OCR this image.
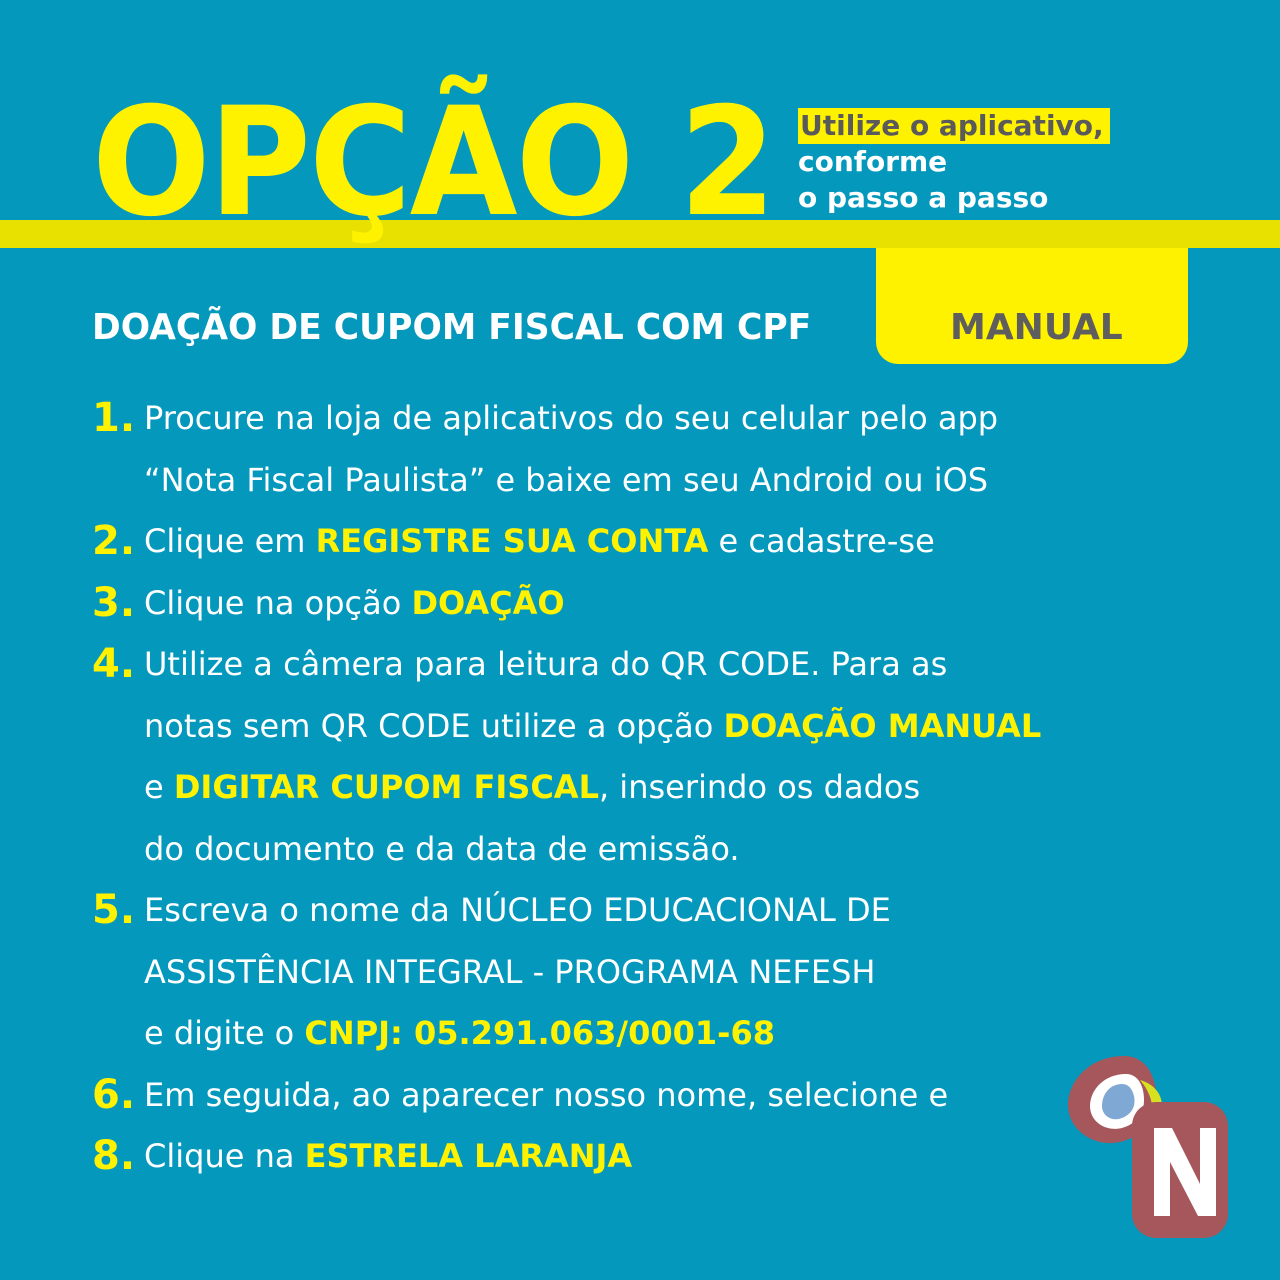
OPÇÃO 2 Utilize o aplicativo,
conforme
o passo a passo
MANUAL
DOAÇÃO DE CUPOM FISCAL COM CPF
1. Procure na loja de aplicativos do seu celular pelo app
“Nota Fiscal Paulista” e baixe em seu Android ou iOS
2. Clique em REGISTRE SUA CONTA e cadastre-se
3. Clique na opção DOAÇÃO
4. Utilize a câmera para leitura do QR CODE. Para as
notas sem QR CODE utilize a opção DOAÇÃO MANUAL
e DIGITAR CUPOM FISCAL, inserindo os dados
do documento e da data de emissão.
5. Escreva o nome da NÚCLEO EDUCACIONAL DE
ASSISTÊNCIA INTEGRAL - PROGRAMA NEFESH
e digite o CNPJ: 05.291.063/0001-68
6. Em seguida, ao aparecer nosso nome, selecione e
8. Clique na ESTRELA LARANJA
